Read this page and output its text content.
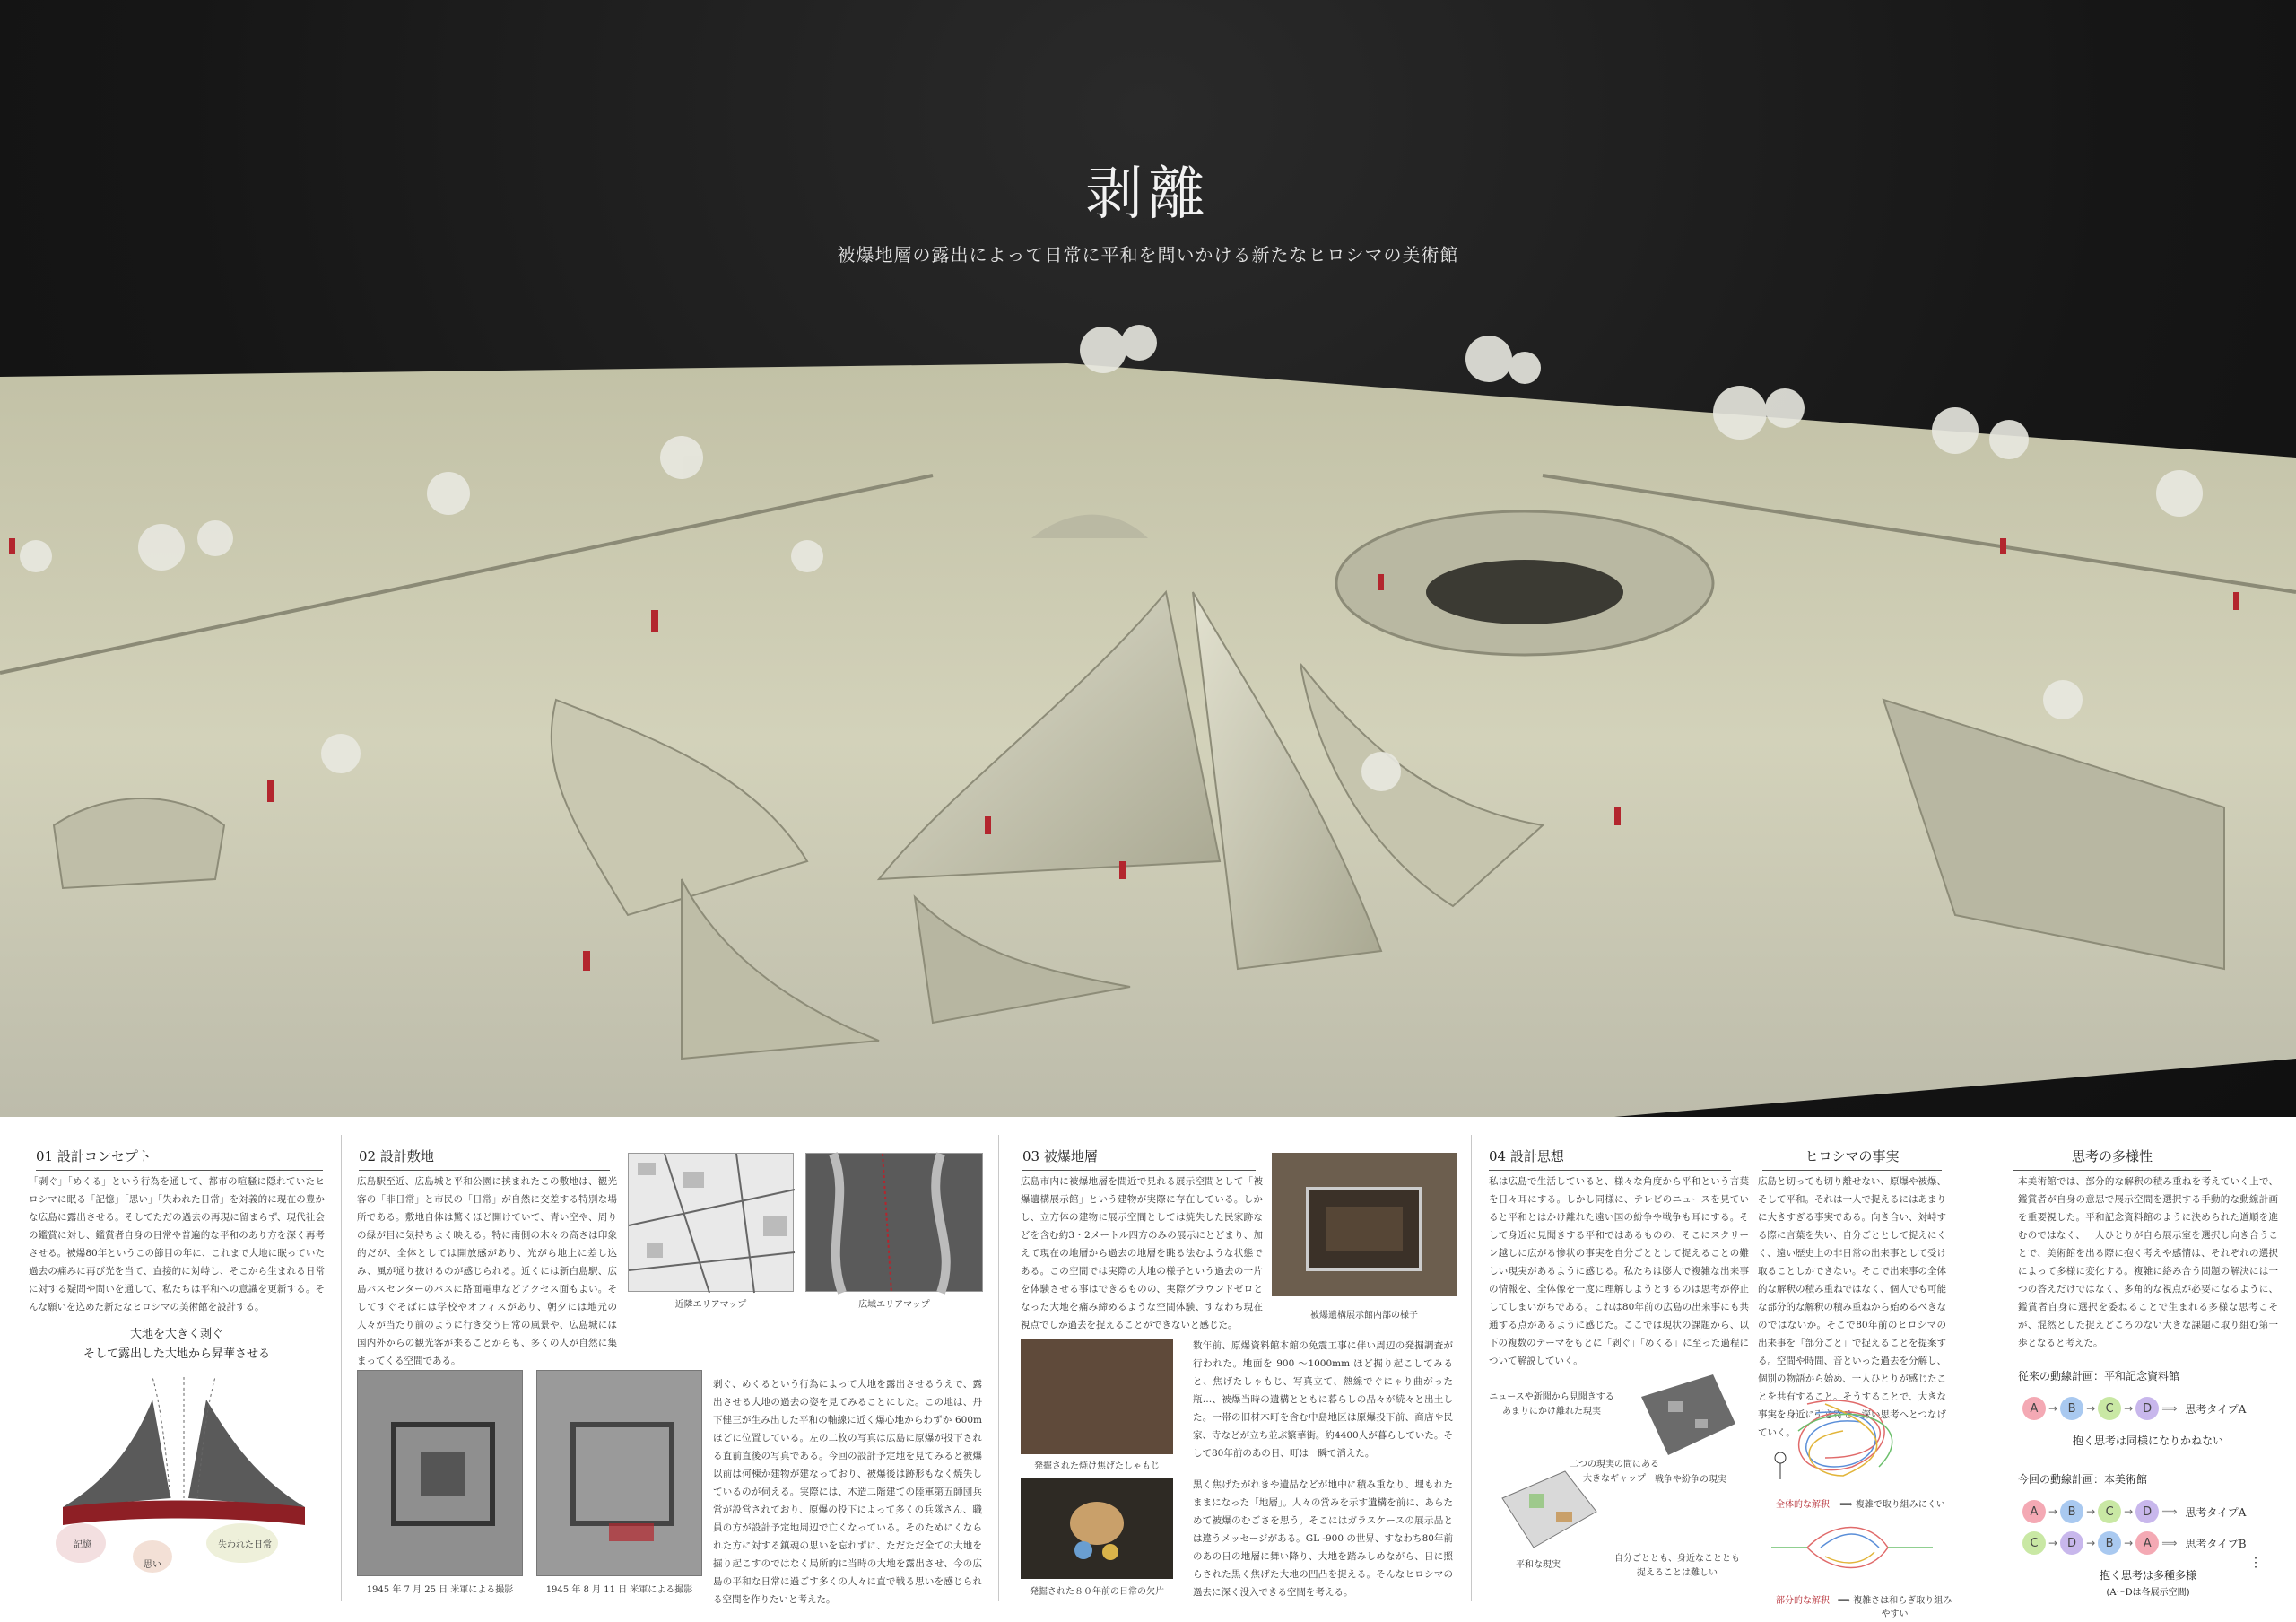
剥離
被爆地層の露出によって日常に平和を問いかける新たなヒロシマの美術館
01 設計コンセプト
「剥ぐ」「めくる」という行為を通して、都市の喧騒に隠れていたヒロシマに眠る「記憶」「思い」「失われた日常」を対義的に現在の豊かな広島に露出させる。そしてただの過去の再現に留まらず、現代社会の鑑賞に対し、鑑賞者自身の日常や普遍的な平和のあり方を深く再考させる。被爆80年というこの節目の年に、これまで大地に眠っていた過去の痛みに再び光を当て、直接的に対峙し、そこから生まれる日常に対する疑問や問いを通して、私たちは平和への意識を更新する。そんな願いを込めた新たなヒロシマの美術館を設計する。
大地を大きく剥ぐ
そして露出した大地から昇華させる
記憶
思い
失われた日常
02 設計敷地
広島駅至近、広島城と平和公園に挟まれたこの敷地は、観光客の「非日常」と市民の「日常」が自然に交差する特別な場所である。敷地自体は驚くほど開けていて、青い空や、周りの緑が目に気持ちよく映える。特に南側の木々の高さは印象的だが、全体としては開放感があり、光がら地上に差し込み、風が通り抜けるのが感じられる。近くには新白島駅、広島バスセンターのバスに路面電車などアクセス面もよい。そしてすぐそばには学校やオフィスがあり、朝夕には地元の人々が当たり前のように行き交う日常の風景や、広島城には国内外からの観光客が来ることからも、多くの人が自然に集まってくる空間である。
近隣エリアマップ	広域エリアマップ
1945 年 7 月 25 日 米軍による撮影	1945 年 8 月 11 日 米軍による撮影
剥ぐ、めくるという行為によって大地を露出させるうえで、露出させる大地の過去の姿を見てみることにした。この地は、丹下健三が生み出した平和の軸線に近く爆心地からわずか 600m ほどに位置している。左の二枚の写真は広島に原爆が投下される直前直後の写真である。今回の設計予定地を見てみると被爆以前は何棟か建物が建なっており、被爆後は跡形もなく焼失しているのが伺える。実際には、木造二階建ての陸軍第五師団兵営が設営されており、原爆の投下によって多くの兵隊さん、職員の方が設計予定地周辺で亡くなっている。そのためにくなられた方に対する鎮魂の思いを忘れずに、ただただ全ての大地を掘り起こすのではなく局所的に当時の大地を露出させ、今の広島の平和な日常に過ごす多くの人々に直で戦る思いを感じられる空間を作りたいと考えた。
03 被爆地層
広島市内に被爆地層を間近で見れる展示空間として「被爆遺構展示館」という建物が実際に存在している。しかし、立方体の建物に展示空間としては焼失した民家跡などを含む約3・2メートル四方のみの展示にとどまり、加えて現在の地層から過去の地層を眺る法むような状態である。この空間では実際の大地の様子という過去の一片を体験させる事はできるものの、実際グラウンドゼロとなった大地を痛み締めるような空間体験、すなわち現在視点でしか過去を捉えることができないと感じた。
被爆遺構展示館内部の様子
発掘された焼け焦げたしゃもじ
発掘された８０年前の日常の欠片
数年前、原爆資料館本館の免震工事に伴い周辺の発掘調査が行われた。地面を 900 〜1000mm ほど掘り起こしてみると、焦げたしゃもじ、写真立て、熱線でぐにゃり曲がった瓶…、被爆当時の遺構とともに暮らしの品々が続々と出土した。一帯の旧材木町を含む中島地区は原爆投下前、商店や民家、寺などが立ち並ぶ繁華街。約4400人が暮らしていた。そして80年前のあの日、町は一瞬で消えた。
黒く焦げたがれきや遺品などが地中に積み重なり、埋もれたままになった「地層」。人々の営みを示す遺構を前に、あらためて被爆のむごさを思う。そこにはガラスケースの展示品とは違うメッセージがある。GL -900 の世界、すなわち80年前のあの日の地層に舞い降り、大地を踏みしめながら、日に照らされた黒く焦げた大地の凹凸を捉える。そんなヒロシマの過去に深く没入できる空間を考える。
04 設計思想
私は広島で生活していると、様々な角度から平和という言葉を日々耳にする。しかし同様に、テレビのニュースを見ていると平和とはかけ離れた遠い国の紛争や戦争も耳にする。そして身近に見聞きする平和ではあるものの、そこにスクリーン越しに広がる惨状の事実を自分ごととして捉えることの難しい現実があるように感じる。私たちは膨大で複雑な出来事の情報を、全体像を一度に理解しようとするのは思考が停止してしまいがちである。これは80年前の広島の出来事にも共通する点があるように感じた。ここでは現状の課題から、以下の複数のテーマをもとに「剥ぐ」「めくる」に至った過程について解説していく。
ニュースや新聞から見聞きする
あまりにかけ離れた現実
戦争や紛争の現実
二つの現実の間にある
大きなギャップ
平和な現実
自分ごととも、身近なこととも
捉えることは難しい
ヒロシマの事実
広島と切っても切り離せない、原爆や被爆、そして平和。それは一人で捉えるにはあまりに大きすぎる事実である。向き合い、対峙する際に言葉を失い、自分ごととして捉えにくく、遠い歴史上の非日常の出来事として受け取ることしかできない。そこで出来事の全体的な解釈の積み重ねではなく、個人でも可能な部分的な解釈の積み重ねから始めるべきなのではないか。そこで80年前のヒロシマの出来事を「部分ごと」で捉えることを提案する。空間や時間、音といった過去を分解し、個別の物語から始め、一人ひとりが感じたことを共有すること。そうすることで、大きな事実を身近に引き寄せ、深い思考へとつなげていく。
全体的な解釈	⟹ 複雑で取り組みにくい
部分的な解釈 ⟹ 複雑さは和らぎ取り組みやすい
思考の多様性
本美術館では、部分的な解釈の積み重ねを考えていく上で、鑑賞者が自身の意思で展示空間を選択する手動的な動線計画を重要視した。平和記念資料館のように決められた道順を進むのではなく、一人ひとりが自ら展示室を選択し向き合うことで、美術館を出る際に抱く考えや感情は、それぞれの選択によって多様に変化する。複雑に絡み合う問題の解決には一つの答えだけではなく、多角的な視点が必要になるように、鑑賞者自身に選択を委ねることで生まれる多様な思考こそが、混然とした捉えどころのない大きな課題に取り組む第一歩となると考えた。
従来の動線計画：平和記念資料館
A → B → C → D ⟹ 思考タイプA
抱く思考は同様になりかねない
今回の動線計画：本美術館
A → B → C → D ⟹ 思考タイプA
C → D → B → A ⟹ 思考タイプB
⋮
抱く思考は多種多様
(A〜Dは各展示空間)
